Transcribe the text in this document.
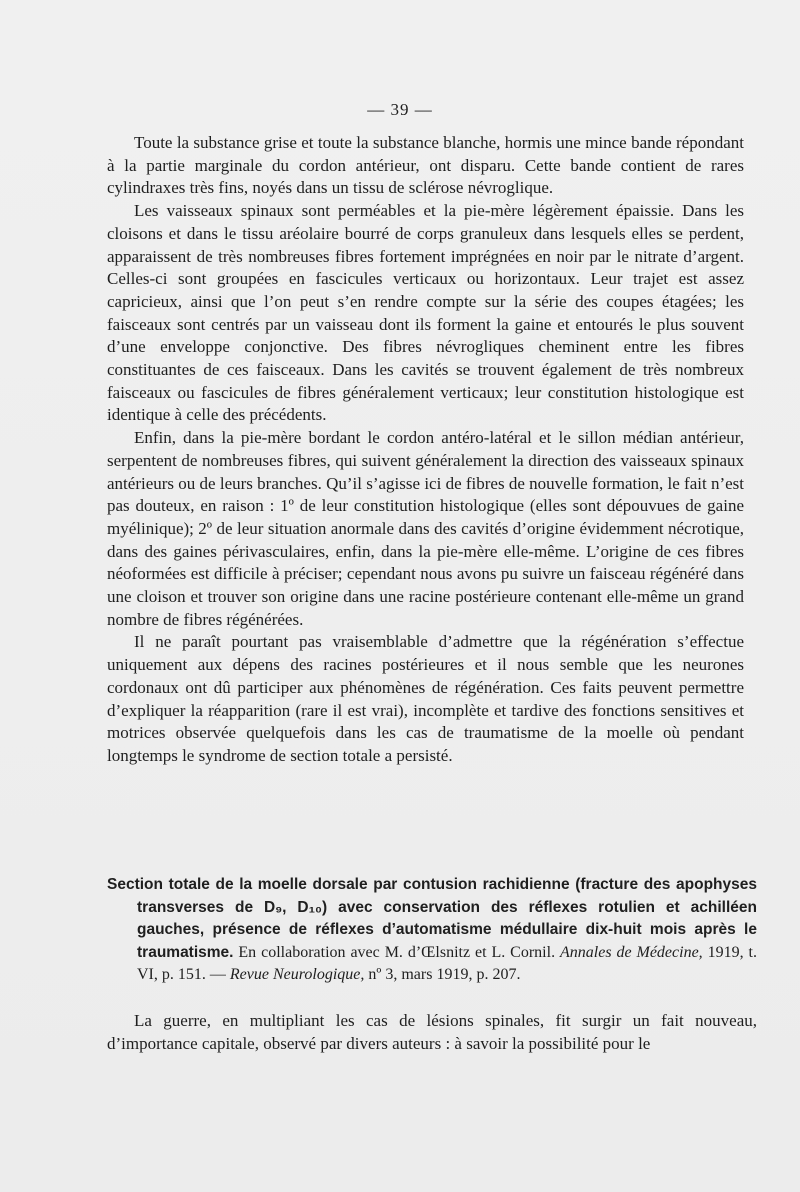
— 39 —

Toute la substance grise et toute la substance blanche, hormis une mince bande répondant à la partie marginale du cordon antérieur, ont disparu. Cette bande contient de rares cylindraxes très fins, noyés dans un tissu de sclérose névroglique.

Les vaisseaux spinaux sont perméables et la pie-mère légèrement épaissie. Dans les cloisons et dans le tissu aréolaire bourré de corps granuleux dans lesquels elles se perdent, apparaissent de très nombreuses fibres fortement imprégnées en noir par le nitrate d’argent. Celles-ci sont groupées en fascicules verticaux ou horizontaux. Leur trajet est assez capricieux, ainsi que l’on peut s’en rendre compte sur la série des coupes étagées; les faisceaux sont centrés par un vaisseau dont ils forment la gaine et entourés le plus souvent d’une enveloppe conjonctive. Des fibres névrogliques cheminent entre les fibres constituantes de ces faisceaux. Dans les cavités se trouvent également de très nombreux faisceaux ou fascicules de fibres généralement verticaux; leur constitution histologique est identique à celle des précédents.

Enfin, dans la pie-mère bordant le cordon antéro-latéral et le sillon médian antérieur, serpentent de nombreuses fibres, qui suivent généralement la direction des vaisseaux spinaux antérieurs ou de leurs branches. Qu’il s’agisse ici de fibres de nouvelle formation, le fait n’est pas douteux, en raison : 1º de leur constitution histologique (elles sont dépouvues de gaine myélinique); 2º de leur situation anormale dans des cavités d’origine évidemment nécrotique, dans des gaines périvasculaires, enfin, dans la pie-mère elle-même. L’origine de ces fibres néoformées est difficile à préciser; cependant nous avons pu suivre un faisceau régénéré dans une cloison et trouver son origine dans une racine postérieure contenant elle-même un grand nombre de fibres régénérées.

Il ne paraît pourtant pas vraisemblable d’admettre que la régénération s’effectue uniquement aux dépens des racines postérieures et il nous semble que les neurones cordonaux ont dû participer aux phénomènes de régénération. Ces faits peuvent permettre d’expliquer la réapparition (rare il est vrai), incomplète et tardive des fonctions sensitives et motrices observée quelquefois dans les cas de traumatisme de la moelle où pendant longtemps le syndrome de section totale a persisté.

Section totale de la moelle dorsale par contusion rachidienne (fracture des apophyses transverses de D₉, D₁₀) avec conservation des réflexes rotulien et achilléen gauches, présence de réflexes d’automatisme médullaire dix-huit mois après le traumatisme. En collaboration avec M. d’Œlsnitz et L. Cornil. Annales de Médecine, 1919, t. VI, p. 151. — Revue Neurologique, nº 3, mars 1919, p. 207.

La guerre, en multipliant les cas de lésions spinales, fit surgir un fait nouveau, d’importance capitale, observé par divers auteurs : à savoir la possibilité pour le
